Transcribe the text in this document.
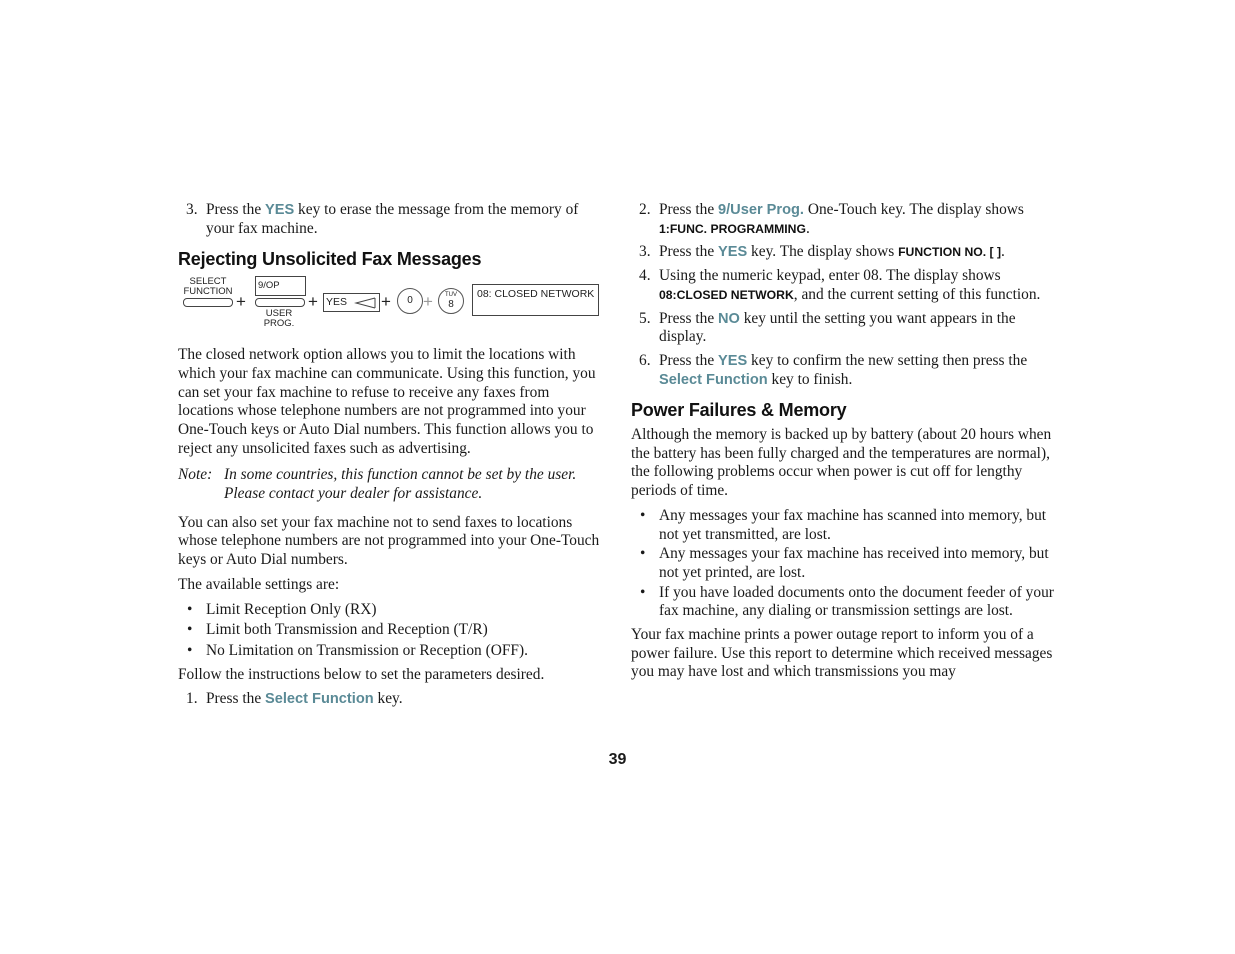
3. Press the YES key to erase the message from the memory of your fax machine.
Rejecting Unsolicited Fax Messages
SELECT
FUNCTION
+
9/OP
USER
PROG.
+ YES	+	0 +	TUV
8
08: CLOSED NETWORK

The closed network option allows you to limit the locations with which your fax machine can communicate. Using this function, you can set your fax machine to refuse to receive any faxes from locations whose telephone numbers are not programmed into your One-Touch keys or Auto Dial numbers. This function allows you to reject any unsolicited faxes such as advertising.

Note: In some countries, this function cannot be set by the user. Please contact your dealer for assistance.

You can also set your fax machine not to send faxes to locations whose telephone numbers are not programmed into your One-Touch keys or Auto Dial numbers.

The available settings are:

• Limit Reception Only (RX)
• Limit both Transmission and Reception (T/R)
• No Limitation on Transmission or Reception (OFF).

Follow the instructions below to set the parameters desired.

1. Press the Select Function key.
2. Press the 9/User Prog. One-Touch key. The display shows 1:FUNC. PROGRAMMING.
3. Press the YES key. The display shows FUNCTION NO. [ ].
4. Using the numeric keypad, enter 08. The display shows 08:CLOSED NETWORK, and the current setting of this function.
5. Press the NO key until the setting you want appears in the display.
6. Press the YES key to confirm the new setting then press the Select Function key to finish.
Power Failures & Memory

Although the memory is backed up by battery (about 20 hours when the battery has been fully charged and the temperatures are normal), the following problems occur when power is cut off for lengthy periods of time.

• Any messages your fax machine has scanned into memory, but not yet transmitted, are lost.
• Any messages your fax machine has received into memory, but not yet printed, are lost.
• If you have loaded documents onto the document feeder of your fax machine, any dialing or transmission settings are lost.

Your fax machine prints a power outage report to inform you of a power failure. Use this report to determine which received messages you may have lost and which transmissions you may

39
